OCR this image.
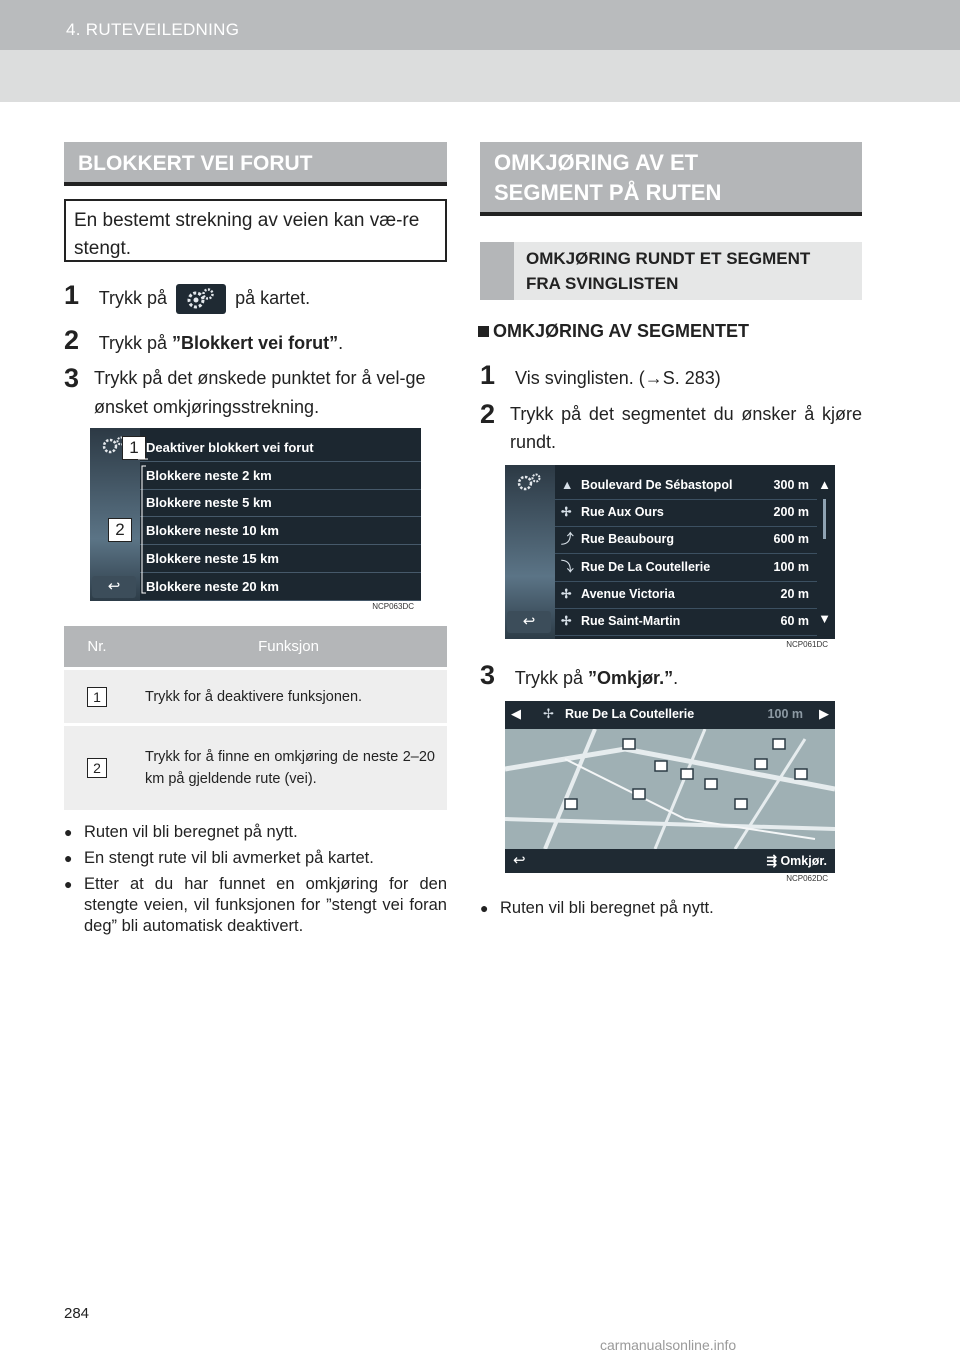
4. RUTEVEILEDNING
BLOKKERT VEI FORUT
En bestemt strekning av veien kan væ-re stengt.
1 Trykk på	på kartet.
2 Trykk på ”Blokkert vei forut”.
3 Trykk på det ønskede punktet for å vel-ge ønsket omkjøringsstrekning.
Deaktiver blokkert vei forut
Blokkere neste 2 km
Blokkere neste 5 km
Blokkere neste 10 km
Blokkere neste 15 km
Blokkere neste 20 km
↩
NCP063DC
1
2
Nr.	Funksjon
1	Trykk for å deaktivere funksjonen.
2	Trykk for å finne en omkjøring de neste 2–20 km på gjeldende rute (vei).
● Ruten vil bli beregnet på nytt.
● En stengt rute vil bli avmerket på kartet.
● Etter at du har funnet en omkjøring for den stengte veien, vil funksjonen for ”stengt vei foran deg” bli automatisk deaktivert.
OMKJØRING AV ET SEGMENT PÅ RUTEN
OMKJØRING RUNDT ET SEGMENT FRA SVINGLISTEN
OMKJØRING AV SEGMENTET
1 Vis svinglisten. (→S. 283)
2 Trykk på det segmentet du ønsker å kjøre rundt.
▲ Boulevard De Sébastopol	300 m
✢ Rue Aux Ours	200 m
⤴ Rue Beaubourg	600 m
⤵ Rue De La Coutellerie	100 m
✢ Avenue Victoria	20 m
✢ Rue Saint-Martin	60 m
▲
▼
↩
NCP061DC
3 Trykk på ”Omkjør.”.
◀ ✢ Rue De La Coutellerie	100 m ▶
↩	⇶ Omkjør.
NCP062DC
● Ruten vil bli beregnet på nytt.
284
carmanualsonline.info
